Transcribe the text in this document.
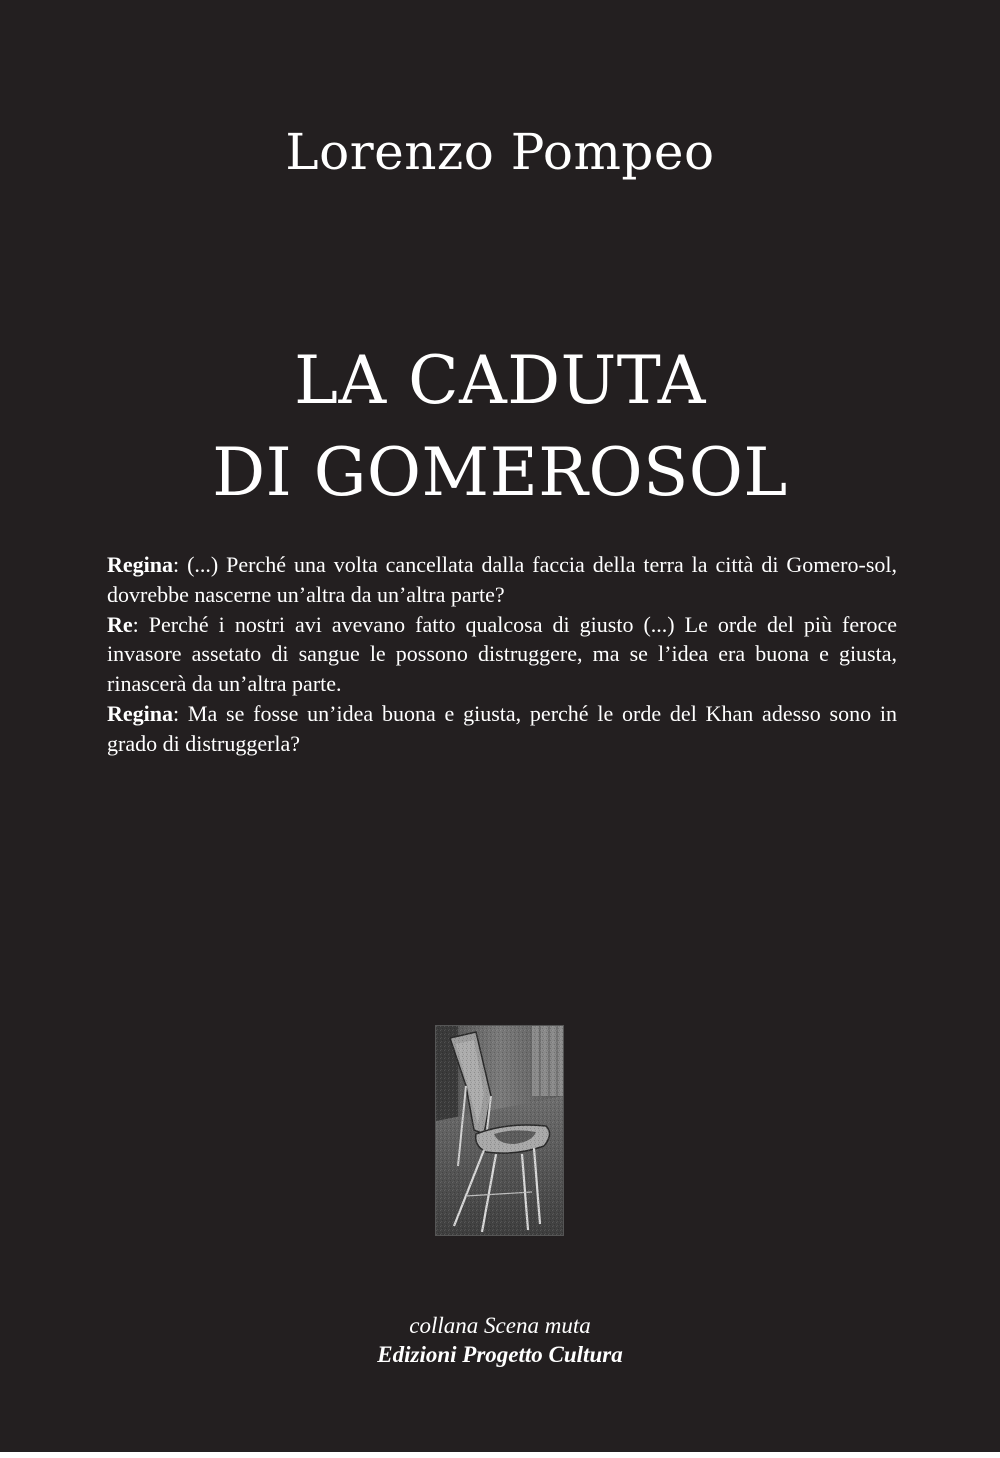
Lorenzo Pompeo
LA CADUTA
DI GOMEROSOL

Regina: (...) Perché una volta cancellata dalla faccia della terra la città di Gomero-sol, dovrebbe nascerne un’altra da un’altra parte?

Re: Perché i nostri avi avevano fatto qualcosa di giusto (...) Le orde del più feroce invasore assetato di sangue le possono distruggere, ma se l’idea era buona e giusta, rinascerà da un’altra parte.

Regina: Ma se fosse un’idea buona e giusta, perché le orde del Khan adesso sono in grado di distruggerla?

collana Scena muta
Edizioni Progetto Cultura
